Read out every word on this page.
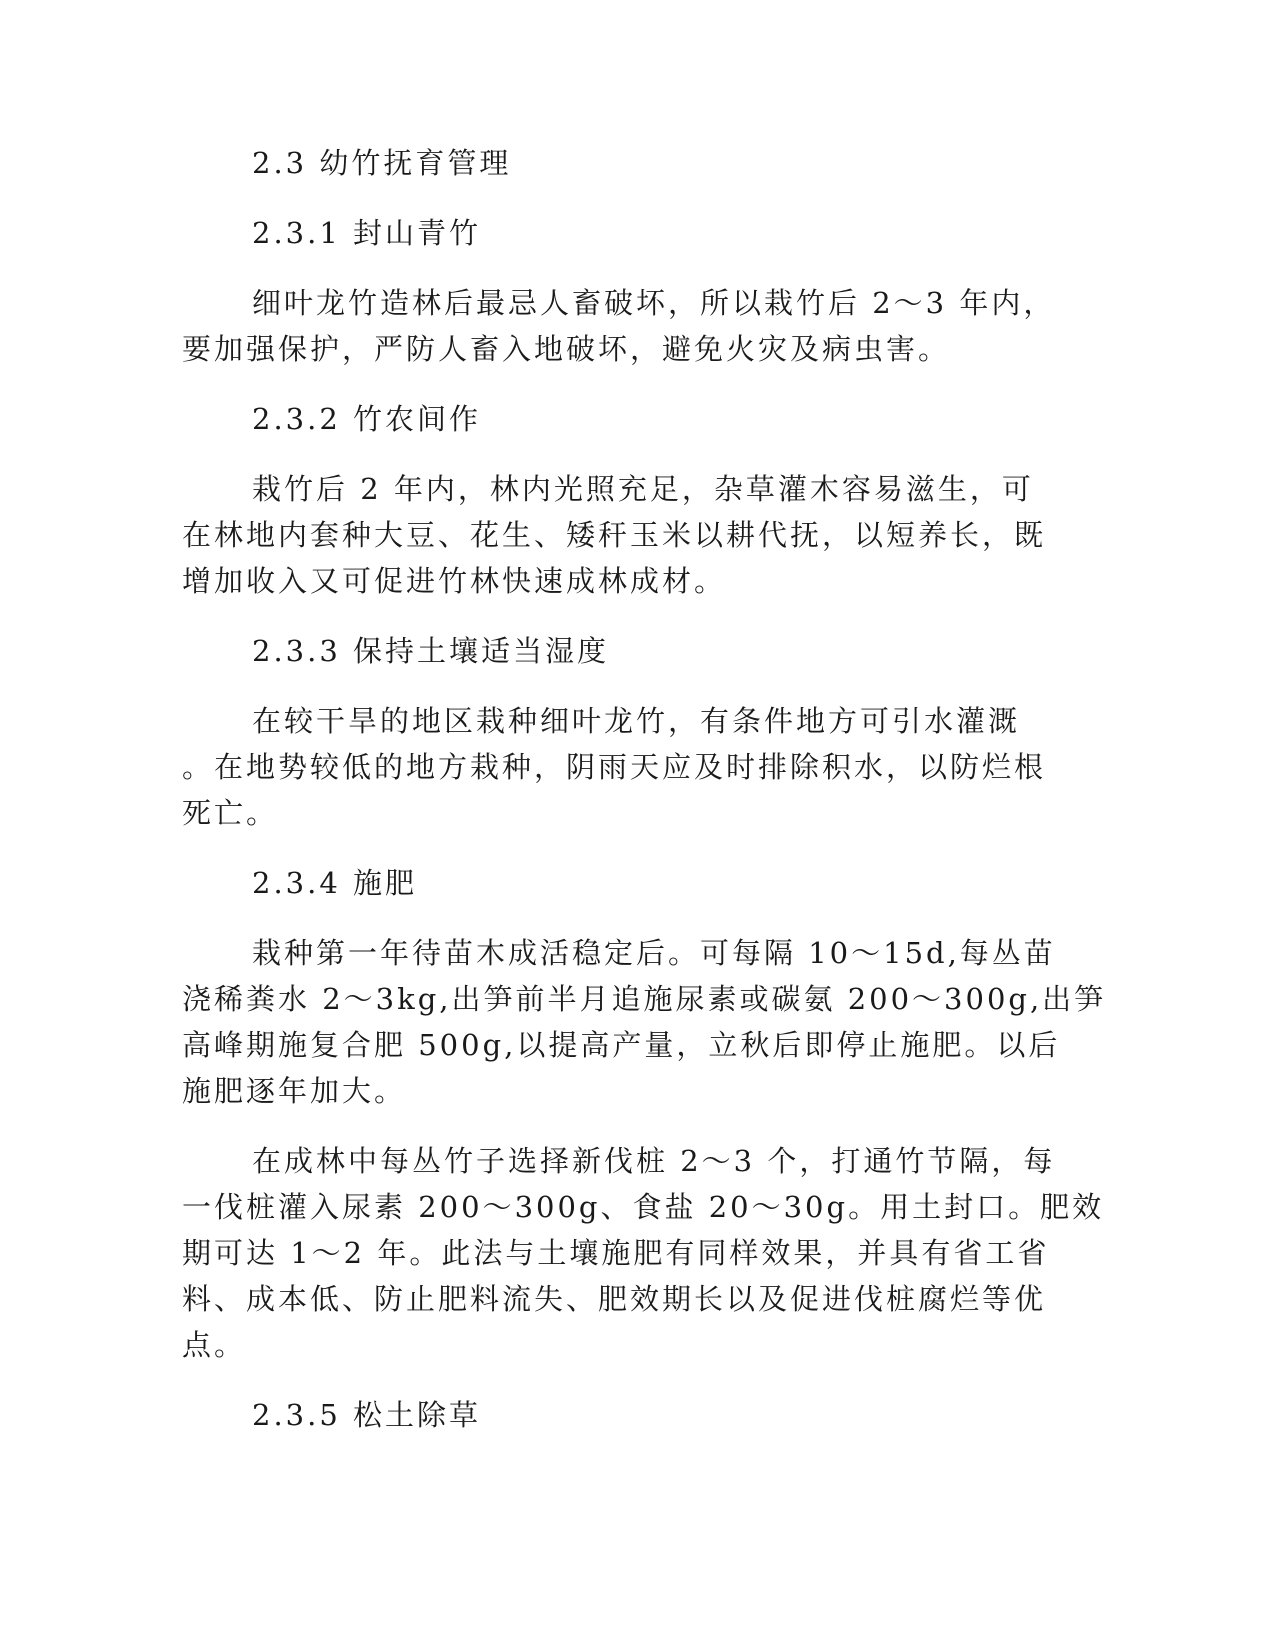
2.3 幼竹抚育管理
2.3.1 封山青竹
细叶龙竹造林后最忌人畜破坏，所以栽竹后 2～3 年内，
要加强保护，严防人畜入地破坏，避免火灾及病虫害。
2.3.2 竹农间作
栽竹后 2 年内，林内光照充足，杂草灌木容易滋生，可
在林地内套种大豆、花生、矮秆玉米以耕代抚，以短养长，既
增加收入又可促进竹林快速成林成材。
2.3.3 保持土壤适当湿度
在较干旱的地区栽种细叶龙竹，有条件地方可引水灌溉
。在地势较低的地方栽种，阴雨天应及时排除积水，以防烂根
死亡。
2.3.4 施肥
栽种第一年待苗木成活稳定后。可每隔 10～15d,每丛苗
浇稀粪水 2～3kg,出笋前半月追施尿素或碳氨 200～300g,出笋
高峰期施复合肥 500g,以提高产量，立秋后即停止施肥。以后
施肥逐年加大。
在成林中每丛竹子选择新伐桩 2～3 个，打通竹节隔，每
一伐桩灌入尿素 200～300g、食盐 20～30g。用土封口。肥效
期可达 1～2 年。此法与土壤施肥有同样效果，并具有省工省
料、成本低、防止肥料流失、肥效期长以及促进伐桩腐烂等优
点。
2.3.5 松土除草
